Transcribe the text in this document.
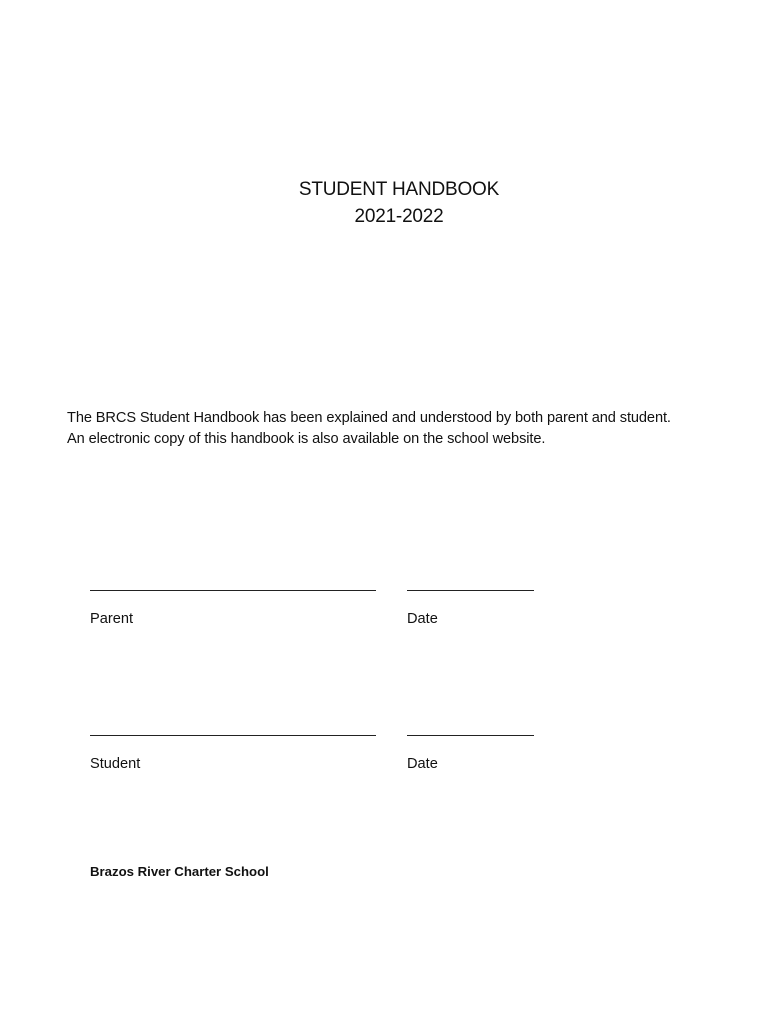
STUDENT HANDBOOK
2021-2022

The BRCS Student Handbook has been explained and understood by both parent and student.

An electronic copy of this handbook is also available on the school website.

Parent	Date
Student	Date
Brazos River Charter School
